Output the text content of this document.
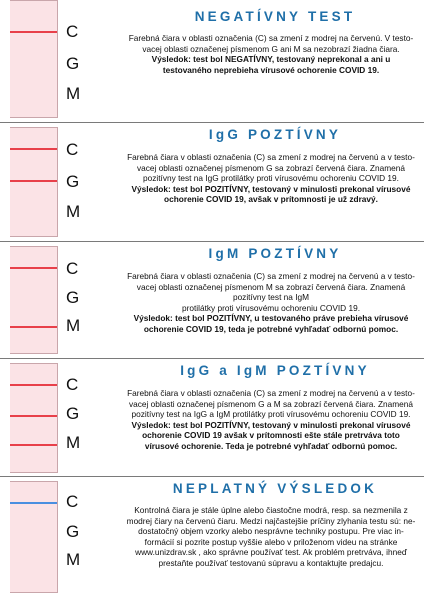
C
G
M
NEGATÍVNY TEST
Farebná čiara v oblasti označenia (C) sa zmení z modrej na červenú. V testo-
vacej oblasti označenej písmenom G ani M sa nezobrazí žiadna čiara.
Výsledok: test bol NEGATÍVNY, testovaný neprekonal a ani u
testovaného neprebieha vírusové ochorenie COVID 19.
C
G
M
IgG POZTÍVNY
Farebná čiara v oblasti označenia (C) sa zmení z modrej na červenú a v testo-
vacej oblasti označenej písmenom G sa zobrazí červená čiara. Znamená
pozitívny test na IgG protilátky proti vírusovému ochoreniu COVID 19.
Výsledok: test bol POZITÍVNY, testovaný v minulosti prekonal vírusové
ochorenie COVID 19, avšak v prítomnosti je už zdravý.
C
G
M
IgM POZTÍVNY
Farebná čiara v oblasti označenia (C) sa zmení z modrej na červenú a v testo-
vacej oblasti označenej písmenom M sa zobrazí červená čiara. Znamená
pozitívny test na IgM
protilátky proti vírusovému ochoreniu COVID 19.
Výsledok: test bol POZITÍVNY, u testovaného práve prebieha vírusové
ochorenie COVID 19, teda je potrebné vyhľadať odbornú pomoc.
C
G
M
IgG a IgM POZTÍVNY
Farebná čiara v oblasti označenia (C) sa zmení z modrej na červenú a v testo-
vacej oblasti označenej písmenom G a M sa zobrazí červená čiara. Znamená
pozitívny test na IgG a IgM protilátky proti vírusovému ochoreniu COVID 19.
Výsledok: test bol POZITÍVNY, testovaný v minulosti prekonal vírusové
ochorenie COVID 19 avšak v prítomnosti ešte stále pretrváva toto
vírusové ochorenie. Teda je potrebné vyhľadať odbornú pomoc.
C
G
M
NEPLATNÝ VÝSLEDOK
Kontrolná čiara je stále úplne alebo čiastočne modrá, resp. sa nezmenila z
modrej čiary na červenú čiaru. Medzi najčastejšie príčiny zlyhania testu sú: ne-
dostatočný objem vzorky alebo nesprávne techniky postupu. Pre viac in-
formácií si pozrite postup vyššie alebo v priloženom videu na stránke
www.unizdrav.sk , ako správne používať test. Ak problém pretrváva, ihneď
prestaňte používať testovanú súpravu a kontaktujte predajcu.
